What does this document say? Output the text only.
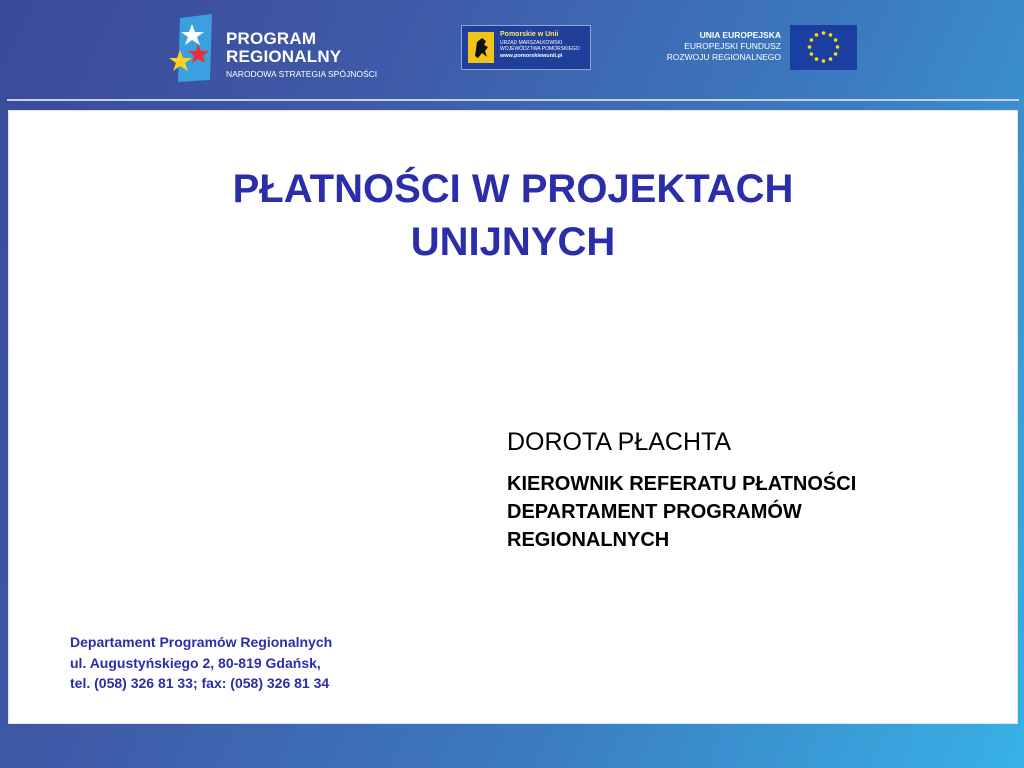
PROGRAM
REGIONALNY
NARODOWA STRATEGIA SPÓJNOŚCI
Pomorskie w Unii
URZĄD MARSZAŁKOWSKI
WOJEWÓDZTWA POMORSKIEGO
www.pomorskiewunii.pl
UNIA EUROPEJSKA
EUROPEJSKI FUNDUSZ
ROZWOJU REGIONALNEGO
PŁATNOŚCI W PROJEKTACH
UNIJNYCH
DOROTA PŁACHTA
KIEROWNIK REFERATU PŁATNOŚCI
DEPARTAMENT PROGRAMÓW
REGIONALNYCH
Departament Programów Regionalnych
ul. Augustyńskiego 2, 80-819 Gdańsk,
tel. (058) 326 81 33; fax: (058) 326 81 34
